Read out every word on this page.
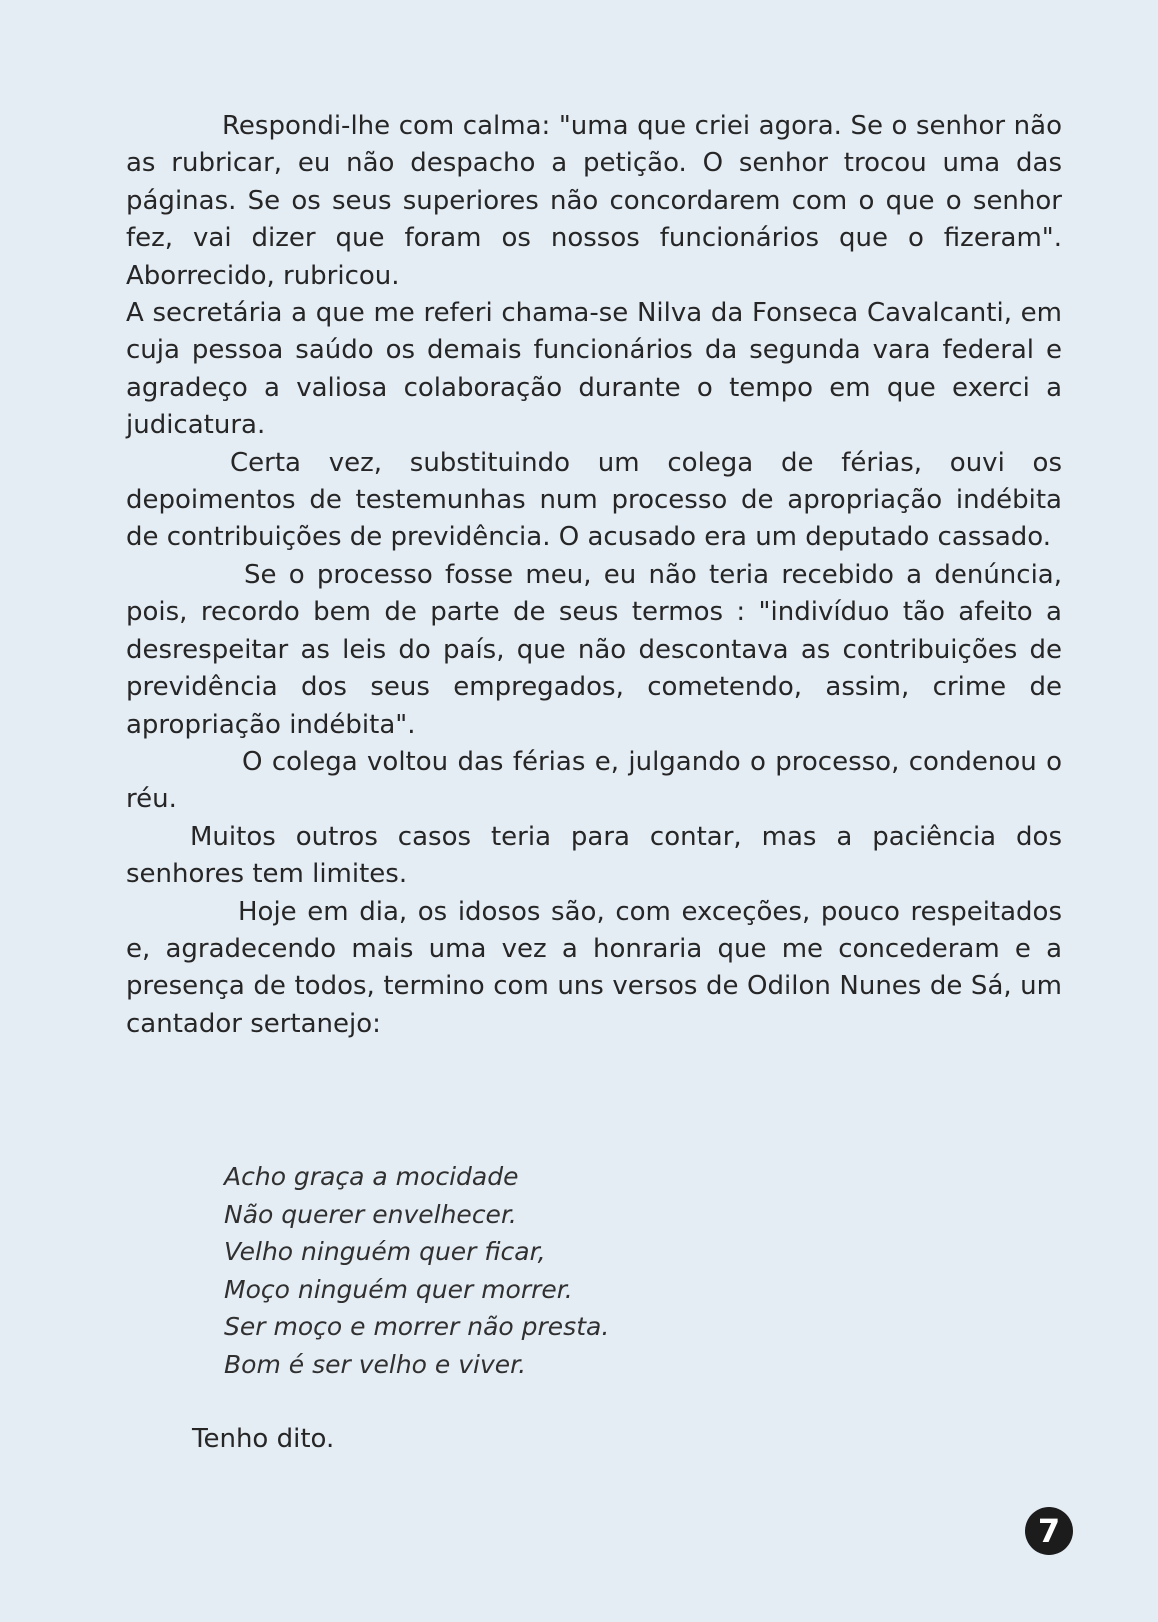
Respondi-lhe com calma: "uma que criei agora. Se o senhor não as rubricar, eu não despacho a petição. O senhor trocou uma das páginas. Se os seus superiores não concordarem com o que o senhor fez, vai dizer que foram os nossos funcionários que o fizeram". Aborrecido, rubricou.

A secretária a que me referi chama-se Nilva da Fonseca Cavalcanti, em cuja pessoa saúdo os demais funcionários da segunda vara federal e agradeço a valiosa colaboração durante o tempo em que exerci a judicatura.

Certa vez, substituindo um colega de férias, ouvi os depoimentos de testemunhas num processo de apropriação indébita de contribuições de previdência. O acusado era um deputado cassado.

Se o processo fosse meu, eu não teria recebido a denúncia, pois, recordo bem de parte de seus termos : "indivíduo tão afeito a desrespeitar as leis do país, que não descontava as contribuições de previdência dos seus empregados, cometendo, assim, crime de apropriação indébita".

O colega voltou das férias e, julgando o processo, condenou o réu.

Muitos outros casos teria para contar, mas a paciência dos senhores tem limites.

Hoje em dia, os idosos são, com exceções, pouco respeitados e, agradecendo mais uma vez a honraria que me concederam e a presença de todos, termino com uns versos de Odilon Nunes de Sá, um cantador sertanejo:

Acho graça a mocidade
Não querer envelhecer.
Velho ninguém quer ficar,
Moço ninguém quer morrer.
Ser moço e morrer não presta.
Bom é ser velho e viver.
Tenho dito.
7
